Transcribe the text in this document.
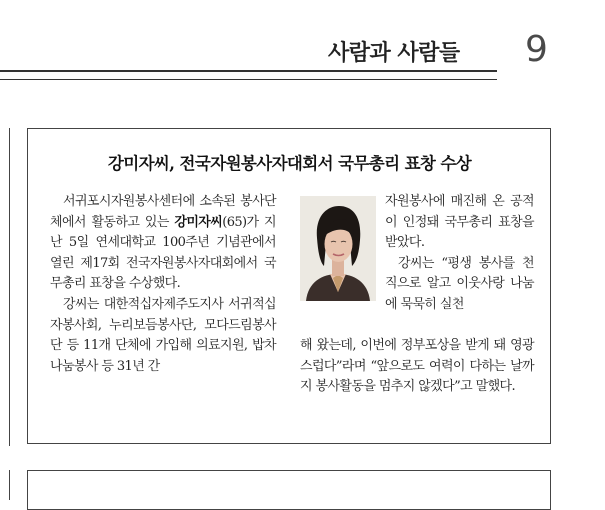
사람과 사람들 9
강미자씨, 전국자원봉사자대회서 국무총리 표창 수상

서귀포시자원봉사센터에 소속된 봉사단체에서 활동하고 있는 강미자씨(65)가 지난 5일 연세대학교 100주년 기념관에서 열린 제17회 전국자원봉사자대회에서 국무총리 표창을 수상했다.

강씨는 대한적십자제주도지사 서귀적십자봉사회, 누리보듬봉사단, 모다드림봉사단 등 11개 단체에 가입해 의료지원, 밥차 나눔봉사 등 31년 간

자원봉사에 매진해 온 공적이 인정돼 국무총리 표창을 받았다.

강씨는 “평생 봉사를 천직으로 알고 이웃사랑 나눔에 묵묵히 실천

해 왔는데, 이번에 정부포상을 받게 돼 영광스럽다”라며 “앞으로도 여력이 다하는 날까지 봉사활동을 멈추지 않겠다”고 말했다.
